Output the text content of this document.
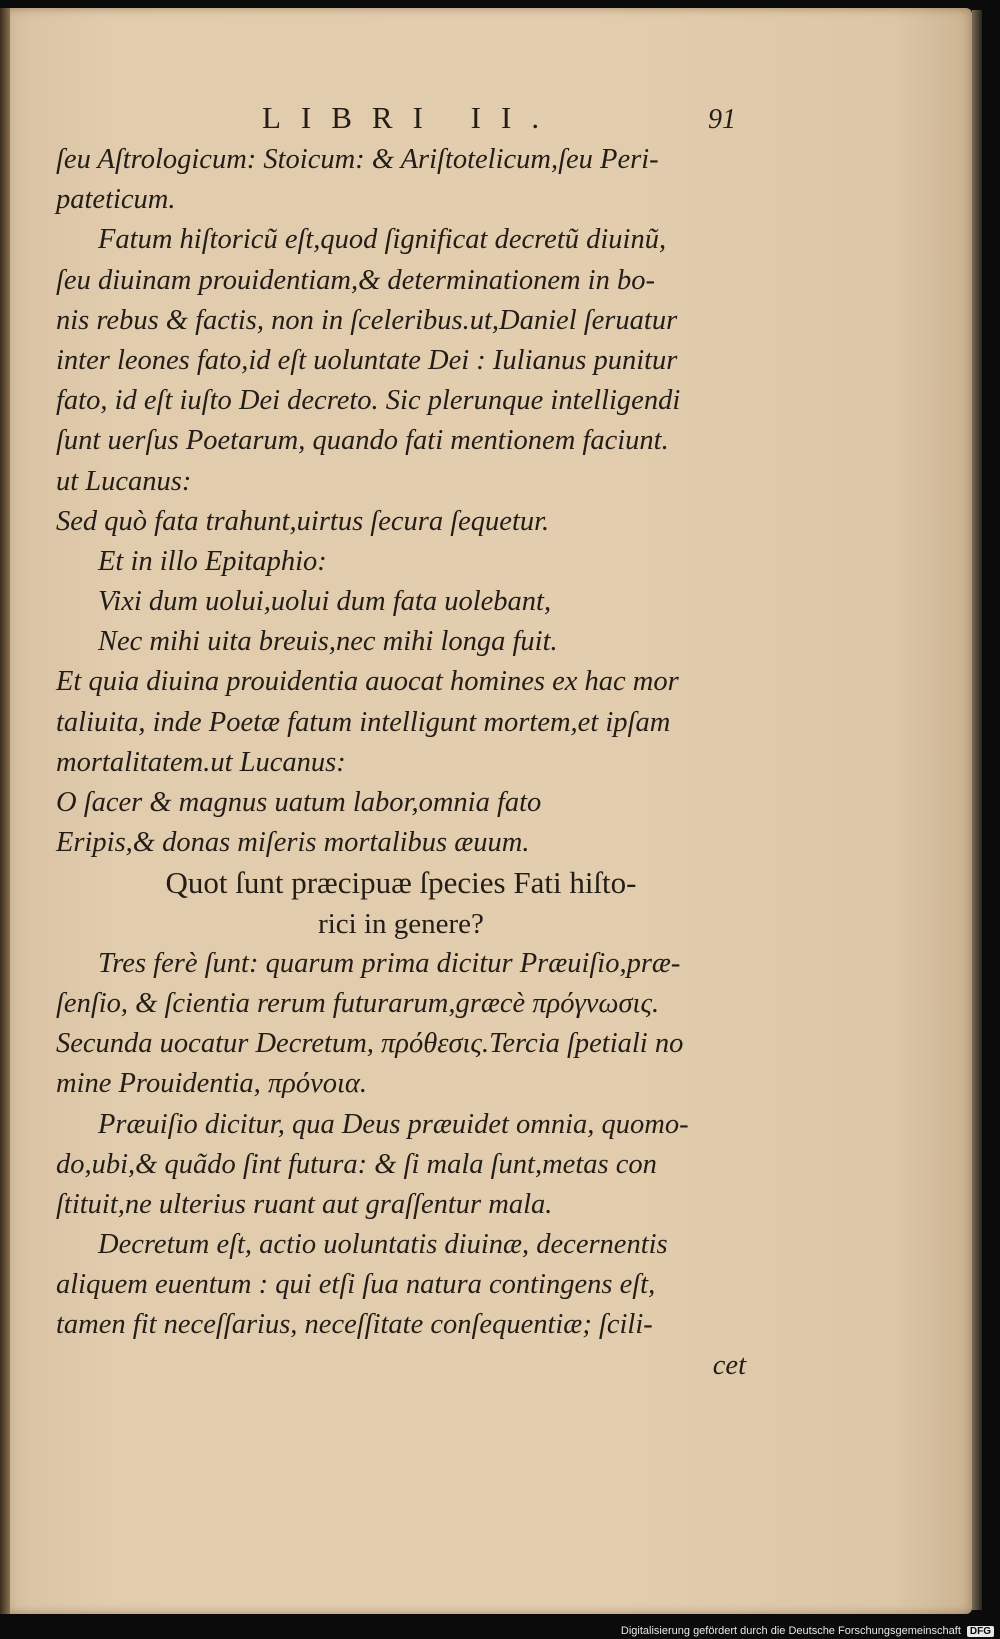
LIBRI II.	91
ſeu Aſtrologicum: Stoicum: & Ariſtotelicum,ſeu Peri-
pateticum.
Fatum hiſtoricũ eſt,quod ſignificat decretũ diuinũ,
ſeu diuinam prouidentiam,& determinationem in bo-
nis rebus & factis, non in ſceleribus.ut,Daniel ſeruatur
inter leones fato,id eſt uoluntate Dei : Iulianus punitur
fato, id eſt iuſto Dei decreto. Sic plerunque intelligendi
ſunt uerſus Poetarum, quando fati mentionem faciunt.
ut Lucanus:
Sed quò fata trahunt,uirtus ſecura ſequetur.
Et in illo Epitaphio:
Vixi dum uolui,uolui dum fata uolebant,
Nec mihi uita breuis,nec mihi longa fuit.
Et quia diuina prouidentia auocat homines ex hac mor
taliuita, inde Poetæ fatum intelligunt mortem,et ipſam
mortalitatem.ut Lucanus:
O ſacer & magnus uatum labor,omnia fato
Eripis,& donas miſeris mortalibus æuum.
Quot ſunt præcipuæ ſpecies Fati hiſto-
rici in genere?
Tres ferè ſunt: quarum prima dicitur Præuiſio,præ-
ſenſio, & ſcientia rerum futurarum,græcè πρόγνωσις.
Secunda uocatur Decretum, πρόθεσις.Tercia ſpetiali no
mine Prouidentia, πρόνοια.
Præuiſio dicitur, qua Deus præuidet omnia, quomo-
do,ubi,& quãdo ſint futura: & ſi mala ſunt,metas con
ſtituit,ne ulterius ruant aut graſſentur mala.
Decretum eſt, actio uoluntatis diuinæ, decernentis
aliquem euentum : qui etſi ſua natura contingens eſt,
tamen fit neceſſarius, neceſſitate conſequentiæ; ſcili-
cet
Digitalisierung gefördert durch die Deutsche Forschungsgemeinschaft DFG
